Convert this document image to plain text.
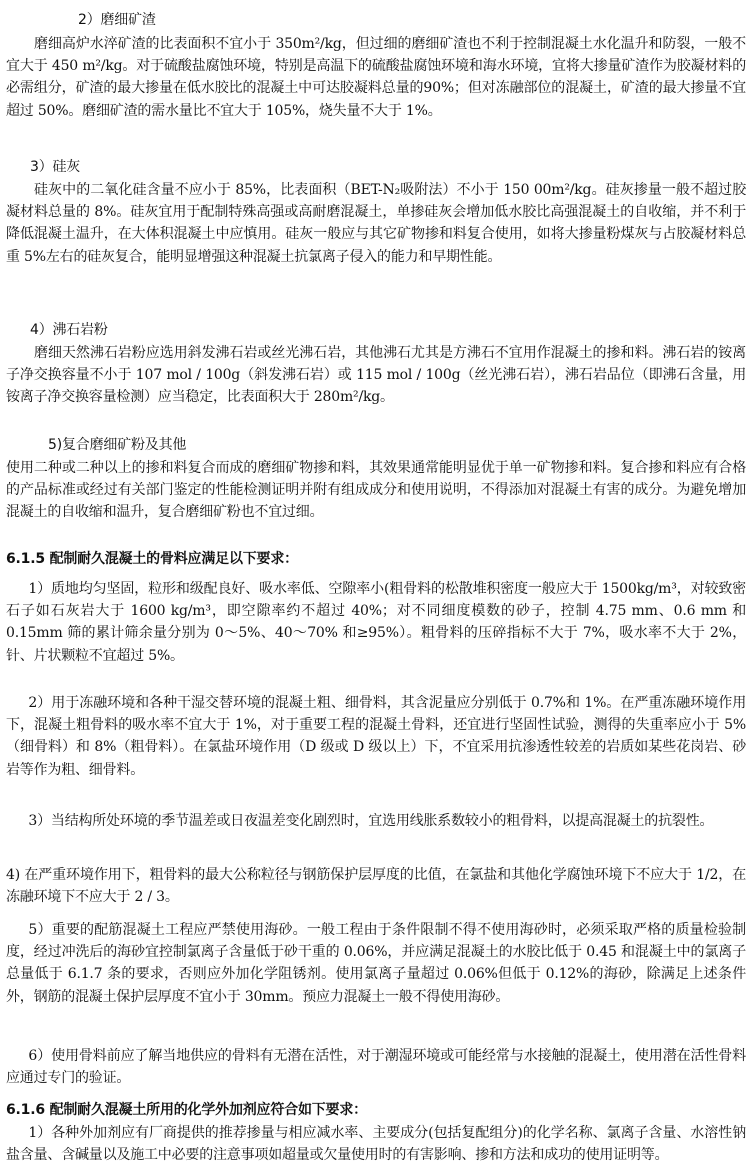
2）磨细矿渣

磨细高炉水淬矿渣的比表面积不宜小于 350m²/kg，但过细的磨细矿渣也不利于控制混凝土水化温升和防裂，一般不宜大于 450 m²/kg。对于硫酸盐腐蚀环境，特别是高温下的硫酸盐腐蚀环境和海水环境，宜将大掺量矿渣作为胶凝材料的必需组分，矿渣的最大掺量在低水胶比的混凝土中可达胶凝料总量的90%；但对冻融部位的混凝土，矿渣的最大掺量不宜超过 50%。磨细矿渣的需水量比不宜大于 105%，烧失量不大于 1%。

3）硅灰

硅灰中的二氧化硅含量不应小于 85%，比表面积（BET-N₂吸附法）不小于 150 00m²/kg。硅灰掺量一般不超过胶凝材料总量的 8%。硅灰宜用于配制特殊高强或高耐磨混凝土，单掺硅灰会增加低水胶比高强混凝土的自收缩，并不利于降低混凝土温升，在大体积混凝土中应慎用。硅灰一般应与其它矿物掺和料复合使用，如将大掺量粉煤灰与占胶凝材料总重 5%左右的硅灰复合，能明显增强这种混凝土抗氯离子侵入的能力和早期性能。

4）沸石岩粉

磨细天然沸石岩粉应选用斜发沸石岩或丝光沸石岩，其他沸石尤其是方沸石不宜用作混凝土的掺和料。沸石岩的铵离子净交换容量不小于 107 mol / 100g（斜发沸石岩）或 115 mol / 100g（丝光沸石岩），沸石岩品位（即沸石含量，用铵离子净交换容量检测）应当稳定，比表面积大于 280m²/kg。

5)复合磨细矿粉及其他

使用二种或二种以上的掺和料复合而成的磨细矿物掺和料，其效果通常能明显优于单一矿物掺和料。复合掺和料应有合格的产品标准或经过有关部门鉴定的性能检测证明并附有组成成分和使用说明，不得添加对混凝土有害的成分。为避免增加混凝土的自收缩和温升，复合磨细矿粉也不宜过细。

6.1.5 配制耐久混凝土的骨料应满足以下要求：

1）质地均匀坚固，粒形和级配良好、吸水率低、空隙率小(粗骨料的松散堆积密度一般应大于 1500kg/m³，对较致密石子如石灰岩大于 1600 kg/m³，即空隙率约不超过 40%；对不同细度模数的砂子，控制 4.75 mm、0.6 mm 和 0.15mm 筛的累计筛余量分别为 0～5%、40～70% 和≥95%）。粗骨料的压碎指标不大于 7%，吸水率不大于 2%，针、片状颗粒不宜超过 5%。

2）用于冻融环境和各种干湿交替环境的混凝土粗、细骨料，其含泥量应分别低于 0.7%和 1%。在严重冻融环境作用下，混凝土粗骨料的吸水率不宜大于 1%，对于重要工程的混凝土骨料，还宜进行坚固性试验，测得的失重率应小于 5%（细骨料）和 8%（粗骨料）。在氯盐环境作用（D 级或 D 级以上）下，不宜采用抗渗透性较差的岩质如某些花岗岩、砂岩等作为粗、细骨料。

3）当结构所处环境的季节温差或日夜温差变化剧烈时，宜选用线胀系数较小的粗骨料，以提高混凝土的抗裂性。

4) 在严重环境作用下，粗骨料的最大公称粒径与钢筋保护层厚度的比值，在氯盐和其他化学腐蚀环境下不应大于 1/2，在冻融环境下不应大于 2 / 3。

5）重要的配筋混凝土工程应严禁使用海砂。一般工程由于条件限制不得不使用海砂时，必须采取严格的质量检验制度，经过冲洗后的海砂宜控制氯离子含量低于砂干重的 0.06%，并应满足混凝土的水胶比低于 0.45 和混凝土中的氯离子总量低于 6.1.7 条的要求，否则应外加化学阻锈剂。使用氯离子量超过 0.06%但低于 0.12%的海砂，除满足上述条件外，钢筋的混凝土保护层厚度不宜小于 30mm。预应力混凝土一般不得使用海砂。

6）使用骨料前应了解当地供应的骨料有无潜在活性，对于潮湿环境或可能经常与水接触的混凝土，使用潜在活性骨料应通过专门的验证。

6.1.6 配制耐久混凝土所用的化学外加剂应符合如下要求：

1）各种外加剂应有厂商提供的推荐掺量与相应减水率、主要成分(包括复配组分)的化学名称、氯离子含量、水溶性钠盐含量、含碱量以及施工中必要的注意事项如超量或欠量使用时的有害影响、掺和方法和成功的使用证明等。
